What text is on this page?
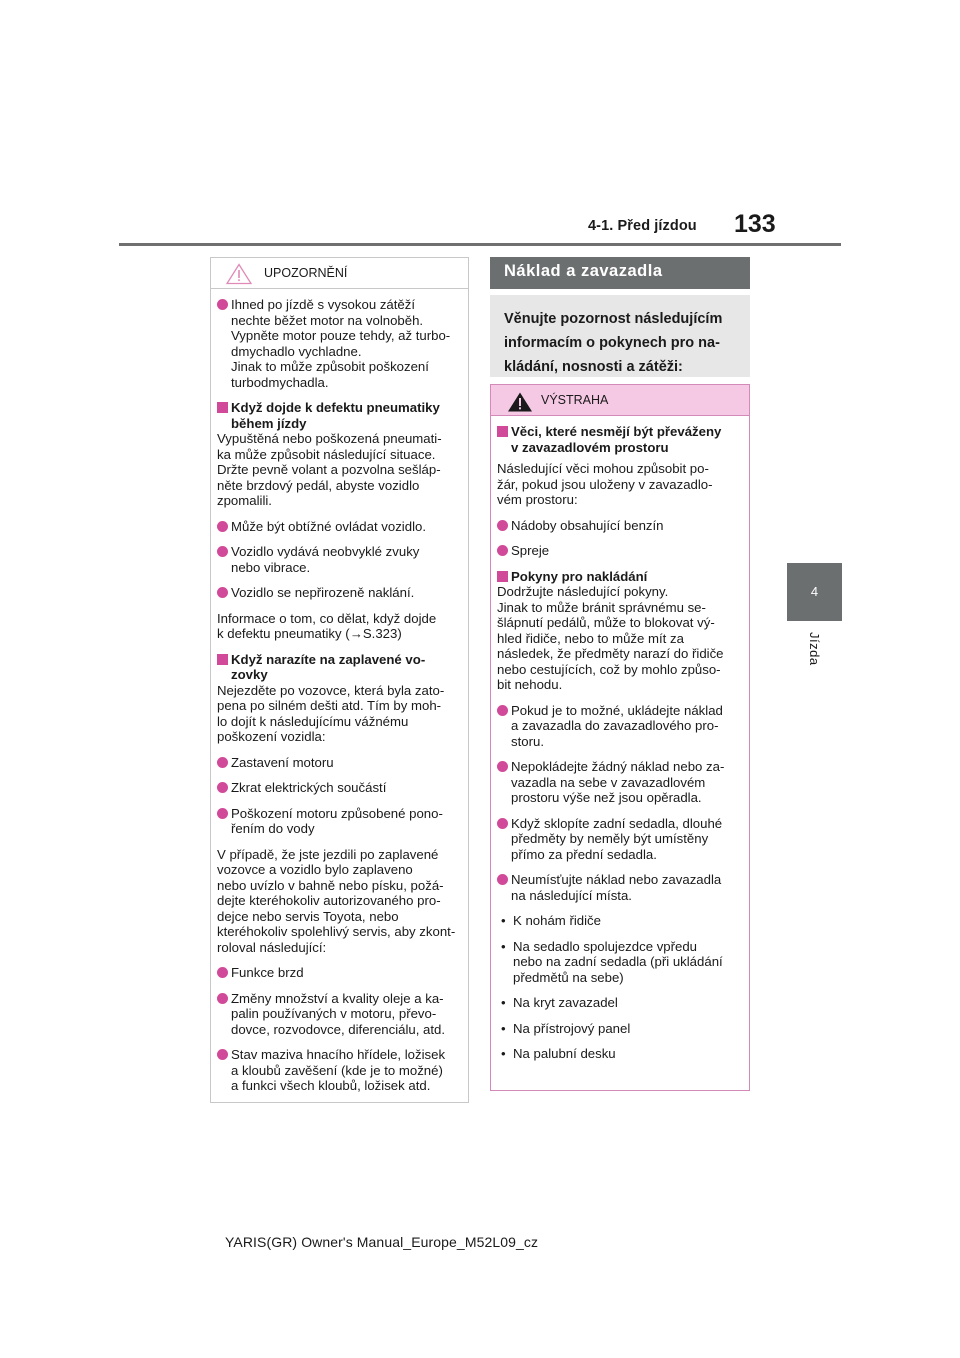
4-1. Před jízdou 133
4
Jízda
UPOZORNĚNÍ
Ihned po jízdě s vysokou zátěží
nechte běžet motor na volnoběh.
Vypněte motor pouze tehdy, až turbo-
dmychadlo vychladne.
Jinak to může způsobit poškození
turbodmychadla.
Když dojde k defektu pneumatiky
během jízdy
Vypuštěná nebo poškozená pneumati-
ka může způsobit následující situace.
Držte pevně volant a pozvolna sešláp-
něte brzdový pedál, abyste vozidlo
zpomalili.
Může být obtížné ovládat vozidlo.
Vozidlo vydává neobvyklé zvuky
nebo vibrace.
Vozidlo se nepřirozeně naklání.
Informace o tom, co dělat, když dojde
k defektu pneumatiky (→S.323)
Když narazíte na zaplavené vo-
zovky
Nejezděte po vozovce, která byla zato-
pena po silném dešti atd. Tím by moh-
lo dojít k následujícímu vážnému
poškození vozidla:
Zastavení motoru
Zkrat elektrických součástí
Poškození motoru způsobené pono-
řením do vody
V případě, že jste jezdili po zaplavené
vozovce a vozidlo bylo zaplaveno
nebo uvízlo v bahně nebo písku, požá-
dejte kteréhokoliv autorizovaného pro-
dejce nebo servis Toyota, nebo
kteréhokoliv spolehlivý servis, aby zkont-
roloval následující:
Funkce brzd
Změny množství a kvality oleje a ka-
palin používaných v motoru, převo-
dovce, rozvodovce, diferenciálu, atd.
Stav maziva hnacího hřídele, ložisek
a kloubů zavěšení (kde je to možné)
a funkci všech kloubů, ložisek atd.
Náklad a zavazadla
Věnujte pozornost následujícím
informacím o pokynech pro na-
kládání, nosnosti a zátěži:
VÝSTRAHA
Věci, které nesmějí být převáženy
v zavazadlovém prostoru
Následující věci mohou způsobit po-
žár, pokud jsou uloženy v zavazadlo-
vém prostoru:
Nádoby obsahující benzín
Spreje
Pokyny pro nakládání
Dodržujte následující pokyny.
Jinak to může bránit správnému se-
šlápnutí pedálů, může to blokovat vý-
hled řidiče, nebo to může mít za
následek, že předměty narazí do řidiče
nebo cestujících, což by mohlo způso-
bit nehodu.
Pokud je to možné, ukládejte náklad
a zavazadla do zavazadlového pro-
storu.
Nepokládejte žádný náklad nebo za-
vazadla na sebe v zavazadlovém
prostoru výše než jsou opěradla.
Když sklopíte zadní sedadla, dlouhé
předměty by neměly být umístěny
přímo za přední sedadla.
Neumísťujte náklad nebo zavazadla
na následující místa.
• K nohám řidiče
• Na sedadlo spolujezdce vpředu
nebo na zadní sedadla (při ukládání
předmětů na sebe)
• Na kryt zavazadel
• Na přístrojový panel
• Na palubní desku
YARIS(GR) Owner's Manual_Europe_M52L09_cz
